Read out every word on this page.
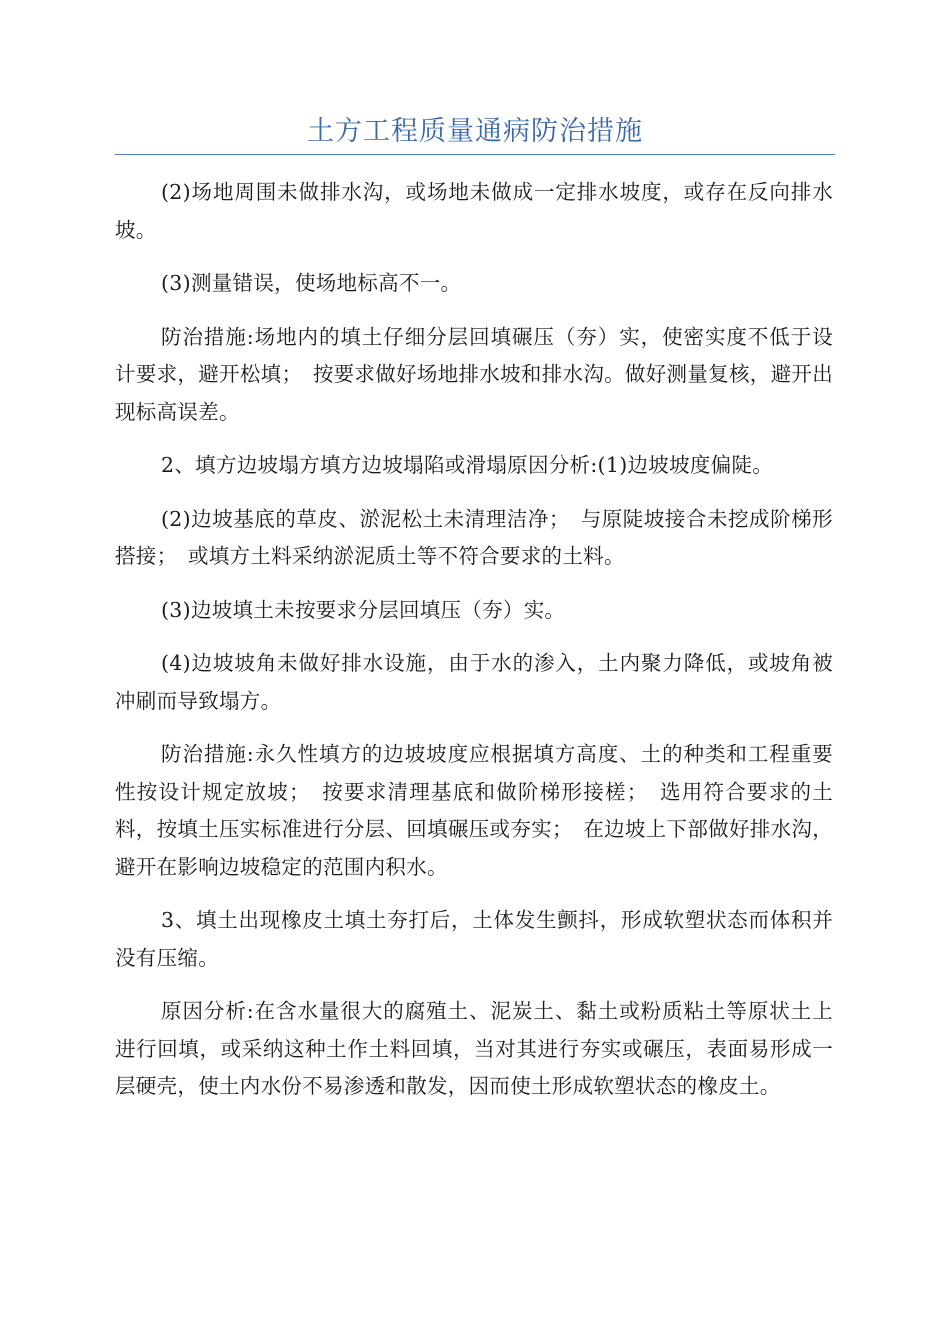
土方工程质量通病防治措施

(2)场地周围未做排水沟，或场地未做成一定排水坡度，或存在反向排水坡。

(3)测量错误，使场地标高不一。

防治措施:场地内的填土仔细分层回填碾压（夯）实，使密实度不低于设计要求，避开松填；　按要求做好场地排水坡和排水沟。做好测量复核，避开出现标高误差。

2、填方边坡塌方填方边坡塌陷或滑塌原因分析:(1)边坡坡度偏陡。

(2)边坡基底的草皮、淤泥松土未清理洁净；　与原陡坡接合未挖成阶梯形搭接；　或填方土料采纳淤泥质土等不符合要求的土料。

(3)边坡填土未按要求分层回填压（夯）实。

(4)边坡坡角未做好排水设施，由于水的渗入，土内聚力降低，或坡角被冲刷而导致塌方。

防治措施:永久性填方的边坡坡度应根据填方高度、土的种类和工程重要性按设计规定放坡；　按要求清理基底和做阶梯形接槎；　选用符合要求的土料，按填土压实标准进行分层、回填碾压或夯实；　在边坡上下部做好排水沟，避开在影响边坡稳定的范围内积水。

3、填土出现橡皮土填土夯打后，土体发生颤抖，形成软塑状态而体积并没有压缩。

原因分析:在含水量很大的腐殖土、泥炭土、黏土或粉质粘土等原状土上进行回填，或采纳这种土作土料回填，当对其进行夯实或碾压，表面易形成一层硬壳，使土内水份不易渗透和散发，因而使土形成软塑状态的橡皮土。
